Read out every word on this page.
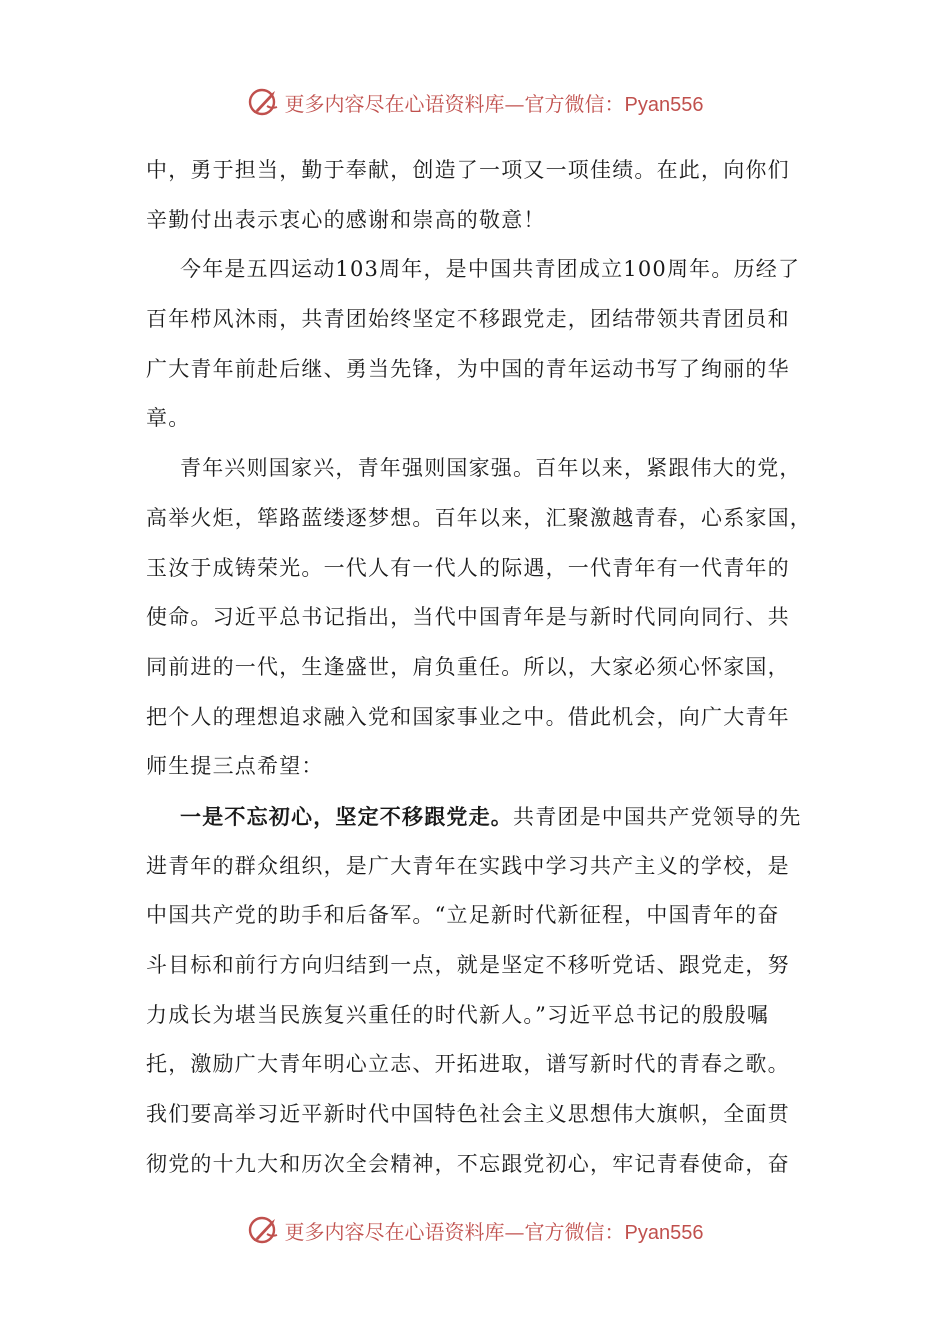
更多内容尽在心语资料库—官方微信：Pyan556
中，勇于担当，勤于奉献，创造了一项又一项佳绩。在此，向你们
辛勤付出表示衷心的感谢和崇高的敬意！
今年是五四运动103周年，是中国共青团成立100周年。历经了
百年栉风沐雨，共青团始终坚定不移跟党走，团结带领共青团员和
广大青年前赴后继、勇当先锋，为中国的青年运动书写了绚丽的华
章。
青年兴则国家兴，青年强则国家强。百年以来，紧跟伟大的党，
高举火炬，筚路蓝缕逐梦想。百年以来，汇聚激越青春，心系家国，
玉汝于成铸荣光。一代人有一代人的际遇，一代青年有一代青年的
使命。习近平总书记指出，当代中国青年是与新时代同向同行、共
同前进的一代，生逢盛世，肩负重任。所以，大家必须心怀家国，
把个人的理想追求融入党和国家事业之中。借此机会，向广大青年
师生提三点希望：
一是不忘初心，坚定不移跟党走。共青团是中国共产党领导的先
进青年的群众组织，是广大青年在实践中学习共产主义的学校，是
中国共产党的助手和后备军。“立足新时代新征程，中国青年的奋
斗目标和前行方向归结到一点，就是坚定不移听党话、跟党走，努
力成长为堪当民族复兴重任的时代新人。”习近平总书记的殷殷嘱
托，激励广大青年明心立志、开拓进取，谱写新时代的青春之歌。
我们要高举习近平新时代中国特色社会主义思想伟大旗帜，全面贯
彻党的十九大和历次全会精神，不忘跟党初心，牢记青春使命，奋
更多内容尽在心语资料库—官方微信：Pyan556
